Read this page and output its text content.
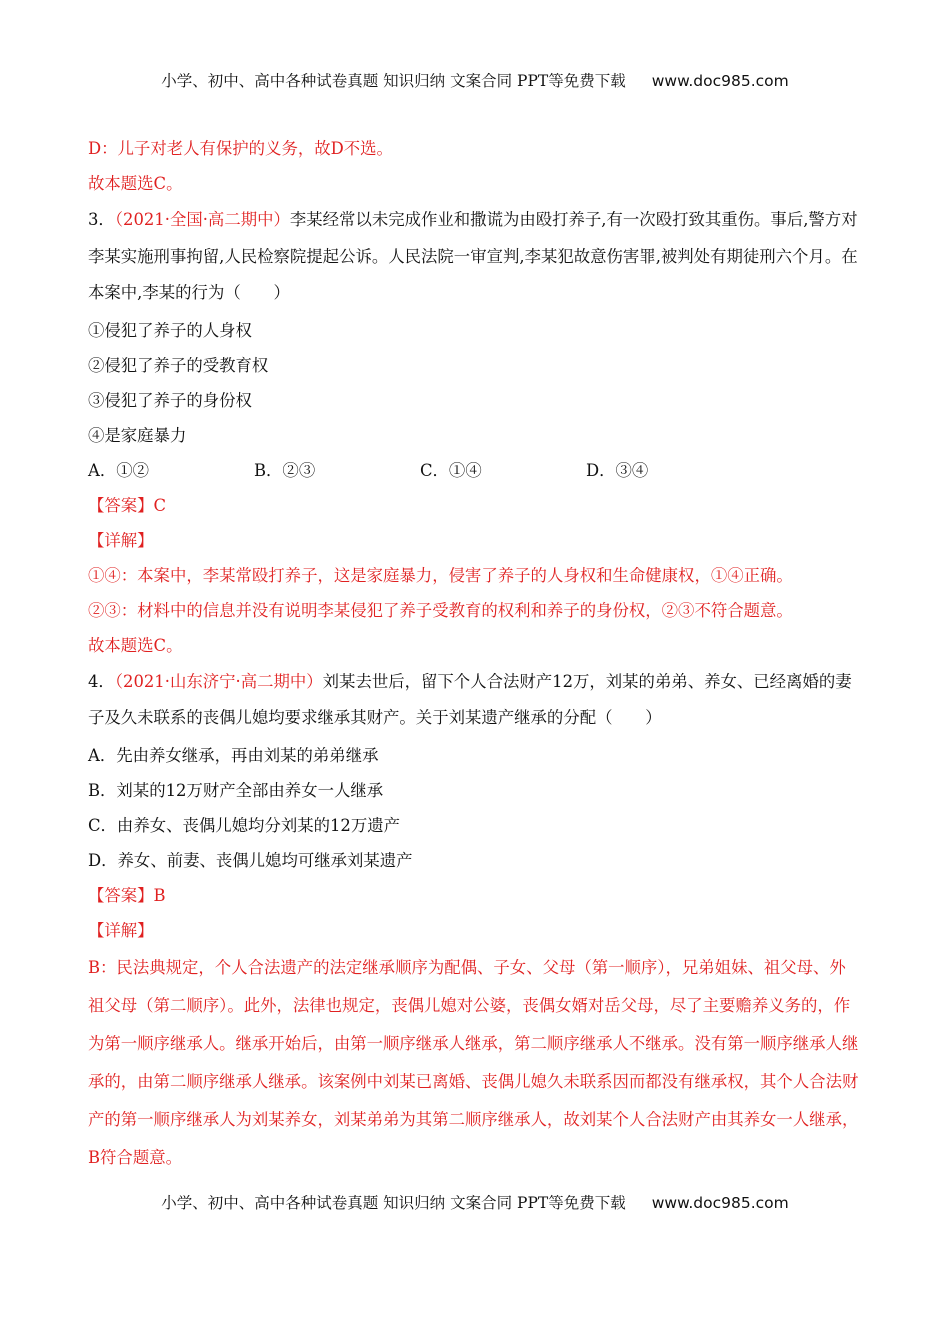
小学、初中、高中各种试卷真题 知识归纳 文案合同 PPT等免费下载 www.doc985.com
D：儿子对老人有保护的义务，故D不选。
故本题选C。
3．（2021·全国·高二期中）李某经常以未完成作业和撒谎为由殴打养子,有一次殴打致其重伤。事后,警方对李某实施刑事拘留,人民检察院提起公诉。人民法院一审宣判,李某犯故意伤害罪,被判处有期徒刑六个月。在本案中,李某的行为（　　）
①侵犯了养子的人身权
②侵犯了养子的受教育权
③侵犯了养子的身份权
④是家庭暴力
A．①②	B．②③	C．①④	D．③④
【答案】C
【详解】
①④：本案中，李某常殴打养子，这是家庭暴力，侵害了养子的人身权和生命健康权，①④正确。
②③：材料中的信息并没有说明李某侵犯了养子受教育的权利和养子的身份权，②③不符合题意。
故本题选C。
4．（2021·山东济宁·高二期中）刘某去世后，留下个人合法财产12万，刘某的弟弟、养女、已经离婚的妻子及久未联系的丧偶儿媳均要求继承其财产。关于刘某遗产继承的分配（　　）
A．先由养女继承，再由刘某的弟弟继承
B．刘某的12万财产全部由养女一人继承
C．由养女、丧偶儿媳均分刘某的12万遗产
D．养女、前妻、丧偶儿媳均可继承刘某遗产
【答案】B
【详解】
B：民法典规定，个人合法遗产的法定继承顺序为配偶、子女、父母（第一顺序），兄弟姐妹、祖父母、外祖父母（第二顺序）。此外，法律也规定，丧偶儿媳对公婆，丧偶女婿对岳父母，尽了主要赡养义务的，作为第一顺序继承人。继承开始后，由第一顺序继承人继承，第二顺序继承人不继承。没有第一顺序继承人继承的，由第二顺序继承人继承。该案例中刘某已离婚、丧偶儿媳久未联系因而都没有继承权，其个人合法财产的第一顺序继承人为刘某养女，刘某弟弟为其第二顺序继承人，故刘某个人合法财产由其养女一人继承，B符合题意。
小学、初中、高中各种试卷真题 知识归纳 文案合同 PPT等免费下载 www.doc985.com
